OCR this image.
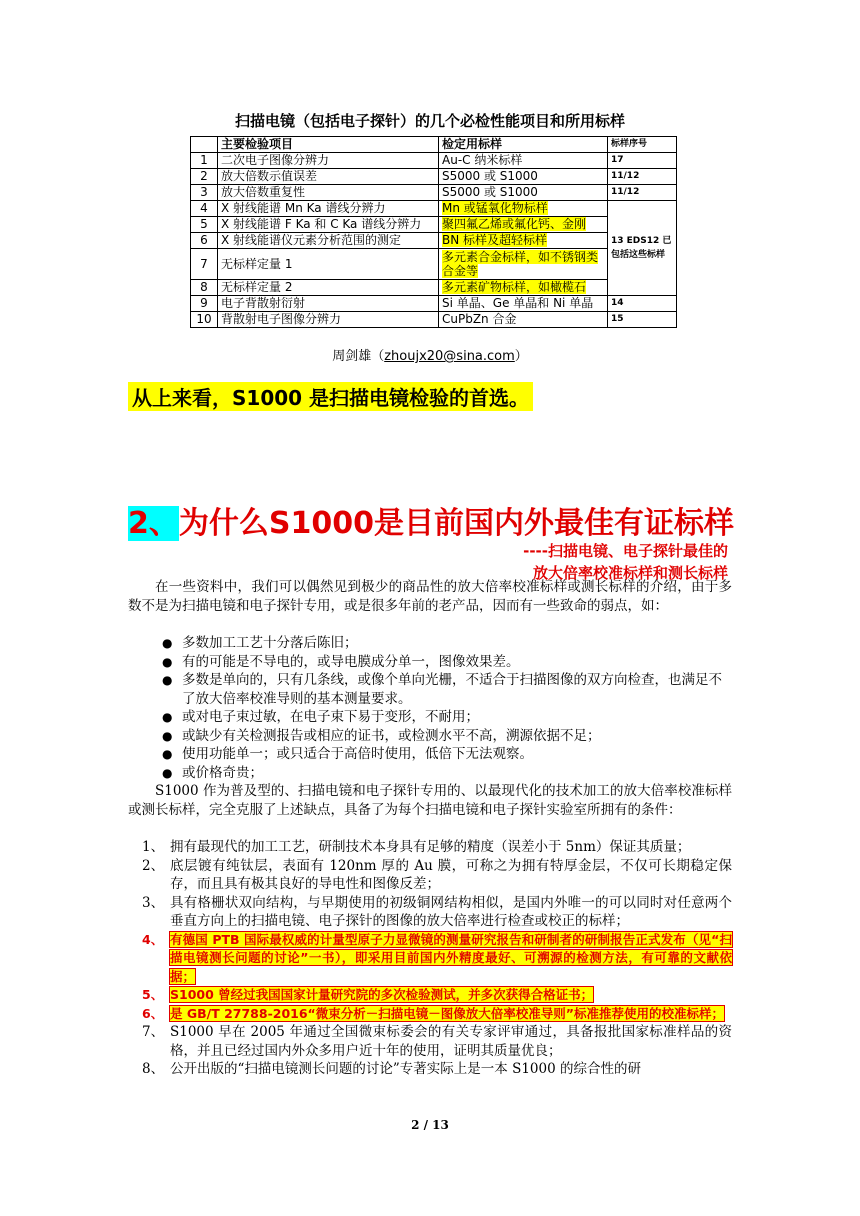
扫描电镜（包括电子探针）的几个必检性能项目和所用标样
	主要检验项目	检定用标样	标样序号
1	二次电子图像分辨力	Au-C 纳米标样	17
2	放大倍数示值误差	S5000 或 S1000	11/12
3	放大倍数重复性	S5000 或 S1000	11/12
4	X 射线能谱 Mn Ka 谱线分辨力	Mn 或锰氧化物标样	13 EDS12 已包括这些标样
5	X 射线能谱 F Ka 和 C Ka 谱线分辨力	聚四氟乙烯或氟化钙、金刚	
6	X 射线能谱仪元素分析范围的测定	BN 标样及超轻标样	
7	无标样定量 1	多元素合金标样，如不锈钢类合金等	
8	无标样定量 2	多元素矿物标样，如橄榄石	
9	电子背散射衍射	Si 单晶、Ge 单晶和 Ni 单晶	14
10	背散射电子图像分辨力	CuPbZn 合金	15
周剑雄（zhoujx20@sina.com）
从上来看，S1000 是扫描电镜检验的首选。
2、为什么S1000是目前国内外最佳有证标样
----扫描电镜、电子探针最佳的
放大倍率校准标样和测长标样
在一些资料中，我们可以偶然见到极少的商品性的放大倍率校准标样或测长标样的介绍，由于多数不是为扫描电镜和电子探针专用，或是很多年前的老产品，因而有一些致命的弱点，如：
● 多数加工工艺十分落后陈旧；
● 有的可能是不导电的，或导电膜成分单一，图像效果差。
● 多数是单向的，只有几条线，或像个单向光栅，不适合于扫描图像的双方向检查，也满足不了放大倍率校准导则的基本测量要求。
● 或对电子束过敏，在电子束下易于变形，不耐用；
● 或缺少有关检测报告或相应的证书，或检测水平不高，溯源依据不足；
● 使用功能单一；或只适合于高倍时使用，低倍下无法观察。
● 或价格奇贵；
S1000 作为普及型的、扫描电镜和电子探针专用的、以最现代化的技术加工的放大倍率校准标样或测长标样，完全克服了上述缺点，具备了为每个扫描电镜和电子探针实验室所拥有的条件：
1、 拥有最现代的加工工艺，研制技术本身具有足够的精度（误差小于 5nm）保证其质量；
2、 底层镀有纯钛层，表面有 120nm 厚的 Au 膜，可称之为拥有特厚金层，不仅可长期稳定保存，而且具有极其良好的导电性和图像反差；
3、 具有格栅状双向结构，与早期使用的初级铜网结构相似，是国内外唯一的可以同时对任意两个垂直方向上的扫描电镜、电子探针的图像的放大倍率进行检查或校正的标样；
4、 有德国 PTB 国际最权威的计量型原子力显微镜的测量研究报告和研制者的研制报告正式发布（见“扫描电镜测长问题的讨论”一书），即采用目前国内外精度最好、可溯源的检测方法，有可靠的文献依据；
5、 S1000 曾经过我国国家计量研究院的多次检验测试，并多次获得合格证书；
6、 是 GB/T 27788-2016“微束分析－扫描电镜－图像放大倍率校准导则”标准推荐使用的校准标样；
7、 S1000 早在 2005 年通过全国微束标委会的有关专家评审通过，具备报批国家标准样品的资格，并且已经过国内外众多用户近十年的使用，证明其质量优良；
8、 公开出版的“扫描电镜测长问题的讨论”专著实际上是一本 S1000 的综合性的研
2 / 13
